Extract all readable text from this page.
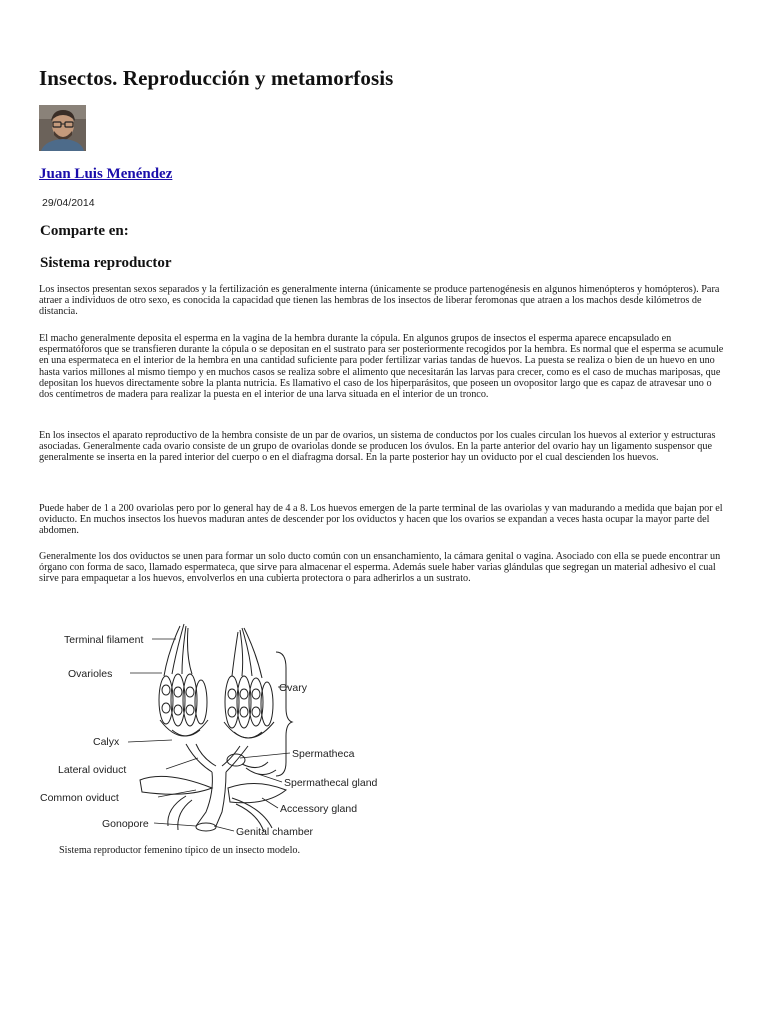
Insectos. Reproducción y metamorfosis

Juan Luis Menéndez

29/04/2014

Comparte en:
Sistema reproductor

Los insectos presentan sexos separados y la fertilización es generalmente interna (únicamente se produce partenogénesis en algunos himenópteros y homópteros). Para atraer a individuos de otro sexo, es conocida la capacidad que tienen las hembras de los insectos de liberar feromonas que atraen a los machos desde kilómetros de distancia.

El macho generalmente deposita el esperma en la vagina de la hembra durante la cópula. En algunos grupos de insectos el esperma aparece encapsulado en espermatóforos que se transfieren durante la cópula o se depositan en el sustrato para ser posteriormente recogidos por la hembra. Es normal que el esperma se acumule en una espermateca en el interior de la hembra en una cantidad suficiente para poder fertilizar varias tandas de huevos. La puesta se realiza o bien de un huevo en uno hasta varios millones al mismo tiempo y en muchos casos se realiza sobre el alimento que necesitarán las larvas para crecer, como es el caso de muchas mariposas, que depositan los huevos directamente sobre la planta nutricia. Es llamativo el caso de los hiperparásitos, que poseen un ovopositor largo que es capaz de atravesar uno o dos centímetros de madera para realizar la puesta en el interior de una larva situada en el interior de un tronco.

En los insectos el aparato reproductivo de la hembra consiste de un par de ovarios, un sistema de conductos por los cuales circulan los huevos al exterior y estructuras asociadas. Generalmente cada ovario consiste de un grupo de ovariolas donde se producen los óvulos. En la parte anterior del ovario hay un ligamento suspensor que generalmente se inserta en la pared interior del cuerpo o en el diafragma dorsal. En la parte posterior hay un oviducto por el cual descienden los huevos.

Puede haber de 1 a 200 ovariolas pero por lo general hay de 4 a 8. Los huevos emergen de la parte terminal de las ovariolas y van madurando a medida que bajan por el oviducto. En muchos insectos los huevos maduran antes de descender por los oviductos y hacen que los ovarios se expandan a veces hasta ocupar la mayor parte del abdomen.

Generalmente los dos oviductos se unen para formar un solo ducto común con un ensanchamiento, la cámara genital o vagina. Asociado con ella se puede encontrar un órgano con forma de saco, llamado espermateca, que sirve para almacenar el esperma. Además suele haber varias glándulas que segregan un material adhesivo el cual sirve para empaquetar a los huevos, envolverlos en una cubierta protectora o para adherirlos a un sustrato.

Terminal filament
Ovarioles
Ovary
Calyx
Spermatheca
Lateral oviduct
Spermathecal gland
Common oviduct
Accessory gland
Gonopore
Genital chamber

Sistema reproductor femenino típico de un insecto modelo.
